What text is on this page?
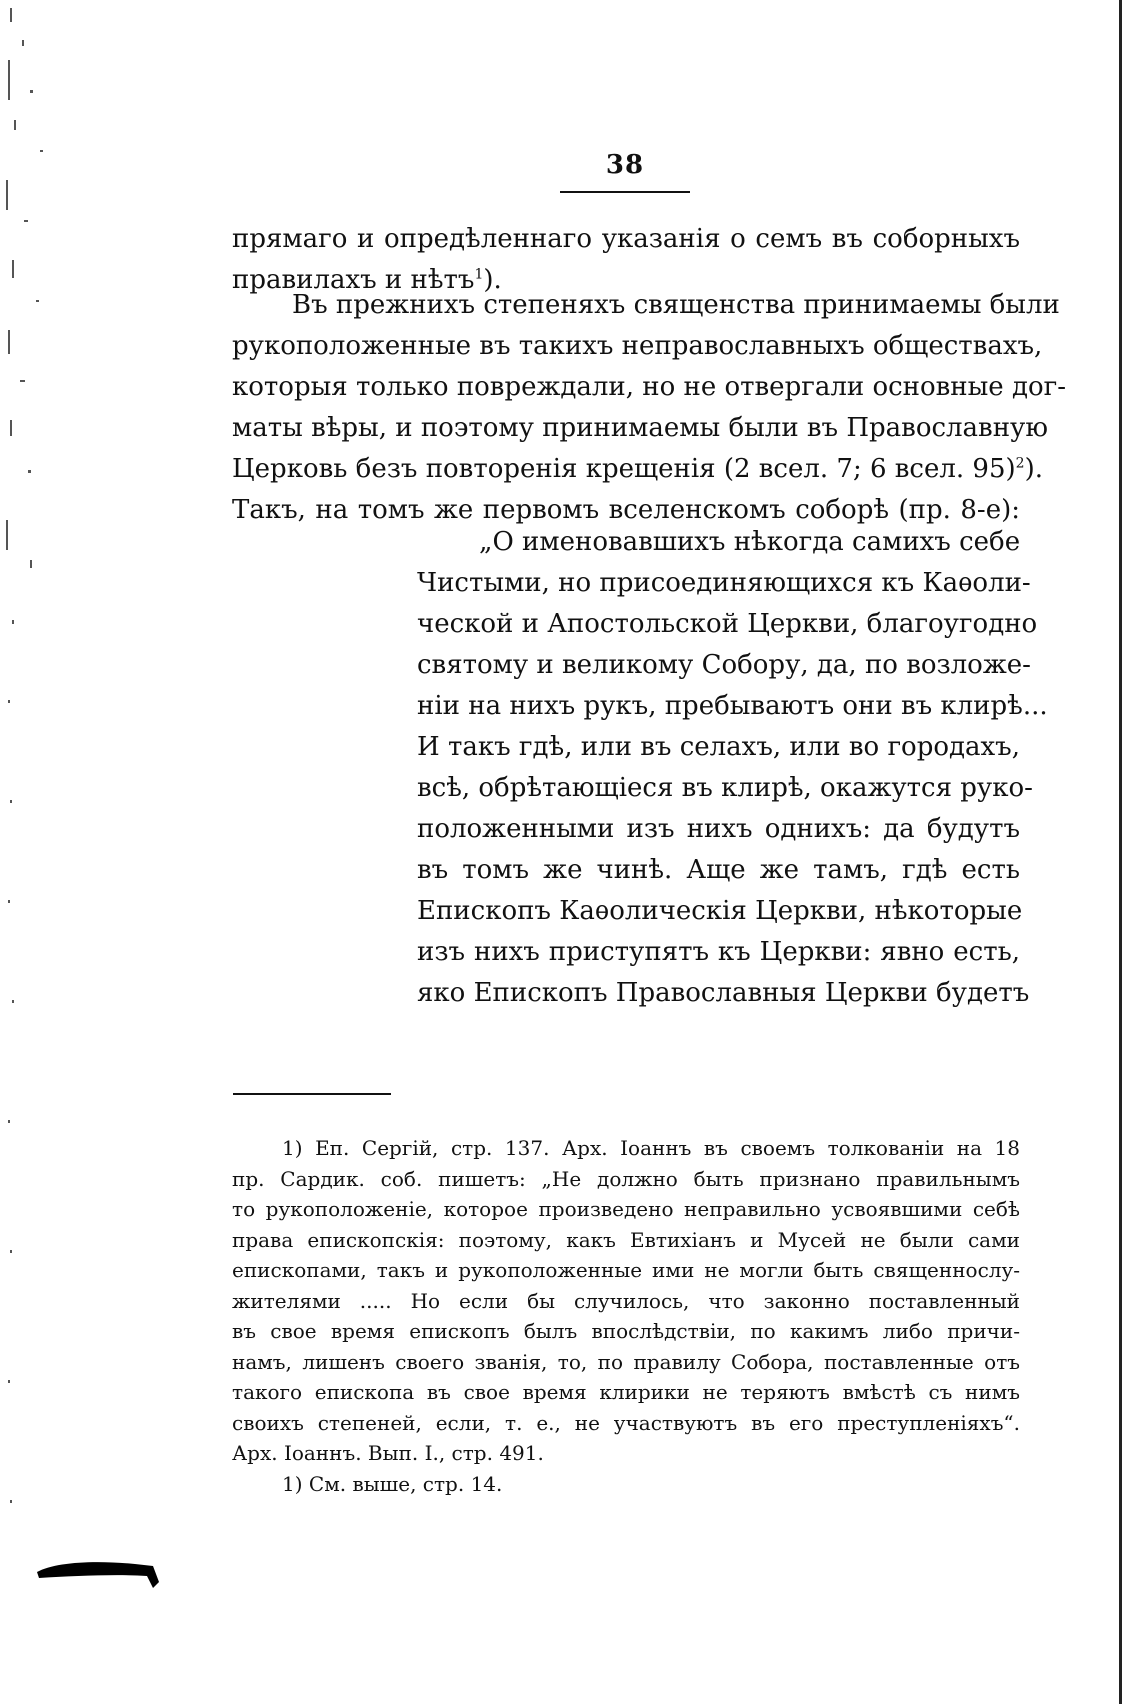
38
прямаго и опредѣленнаго указанія о семъ въ соборныхъ
правилахъ и нѣтъ$^1$).
Въ прежнихъ степеняхъ священства принимаемы были
рукоположенные въ такихъ неправославныхъ обществахъ,
которыя только повреждали, но не отвергали основные дог-
маты вѣры, и поэтому принимаемы были въ Православную
Церковь безъ повторенія крещенія (2 всел. 7; 6 всел. 95)$^2$).
Такъ, на томъ же первомъ вселенскомъ соборѣ (пр. 8-е):
„О именовавшихъ нѣкогда самихъ себе
Чистыми, но присоединяющихся къ Каѳоли-
ческой и Апостольской Церкви, благоугодно
святому и великому Собору, да, по возложе-
ніи на нихъ рукъ, пребываютъ они въ клирѣ...
И такъ гдѣ, или въ селахъ, или во городахъ,
всѣ, обрѣтающіеся въ клирѣ, окажутся руко-
положенными изъ нихъ однихъ: да будутъ
въ томъ же чинѣ. Аще же тамъ, гдѣ есть
Епископъ Каѳолическія Церкви, нѣкоторые
изъ нихъ приступятъ къ Церкви: явно есть,
яко Епископъ Православныя Церкви будетъ
1) Еп. Сергій, стр. 137. Арх. Іоаннъ въ своемъ толкованіи на 18
пр. Сардик. соб. пишетъ: „Не должно быть признано правильнымъ
то рукоположеніе, которое произведено неправильно усвоявшими себѣ
права епископскія: поэтому, какъ Евтихіанъ и Мусей не были сами
епископами, такъ и рукоположенные ими не могли быть священнослу-
жителями ..... Но если бы случилось, что законно поставленный
въ свое время епископъ былъ впослѣдствіи, по какимъ либо причи-
намъ, лишенъ своего званія, то, по правилу Собора, поставленные отъ
такого епископа въ свое время клирики не теряютъ вмѣстѣ съ нимъ
своихъ степеней, если, т. е., не участвуютъ въ его преступленіяхъ“.
Арх. Іоаннъ. Вып. I., стр. 491.
1) См. выше, стр. 14.
